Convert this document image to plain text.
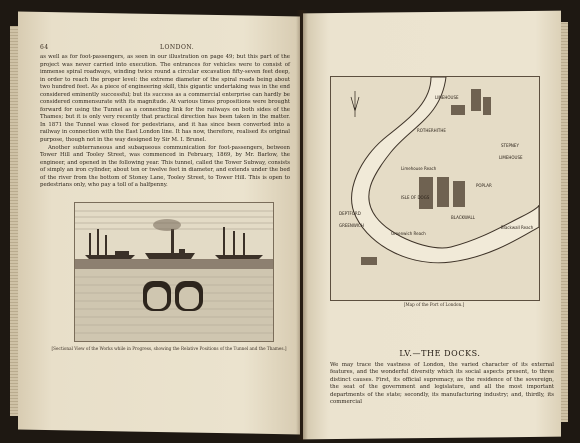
64	LONDON.

as well as for foot-passengers, as seen in our illustration on page 49; but this part of the project was never carried into execution. The entrances for vehicles were to consist of immense spiral roadways, winding twice round a circular excavation fifty-seven feet deep, in order to reach the proper level: the extreme diameter of the spiral roads being about two hundred feet. As a piece of engineering skill, this gigantic undertaking was in the end considered eminently successful; but its success as a commercial enterprise can hardly be considered commensurate with its magnitude. At various times propositions were brought forward for using the Tunnel as a connecting link for the railways on both sides of the Thames; but it is only very recently that practical direction has been taken in the matter. In 1871 the Tunnel was closed for pedestrians, and it has since been converted into a railway in connection with the East London line. It has now, therefore, realised its original purpose, though not in the way designed by Sir M. I. Brunel.

Another subterraneous and subaqueous communication for foot-passengers, between Tower Hill and Tooley Street, was commenced in February, 1869, by Mr. Barlow, the engineer, and opened in the following year. This tunnel, called the Tower Subway, consists of simply an iron cylinder, about ten or twelve feet in diameter, and extends under the bed of the river from the bottom of Stoney Lane, Tooley Street, to Tower Hill. This is open to pedestrians only, who pay a toll of a halfpenny.

[Sectional View of the Works while in Progress, showing the Relative Positions of the Tunnel and the Thames.]
LIMEHOUSE
ROTHERHITHE
STEPNEY
LIMEHOUSE
Limehouse Reach
POPLAR
DEPTFORD
ISLE OF DOGS
BLACKWALL
GREENWICH
Greenwich Reach
Blackwall Reach
[Map of the Port of London.]
LV.—THE DOCKS.

We may trace the vastness of London, the varied character of its external features, and the wonderful diversity which its social aspects present, to three distinct causes. First, its official supremacy, as the residence of the sovereign, the seat of the government and legislature, and all the most important departments of the state; secondly, its manufacturing industry; and, thirdly, its commercial
